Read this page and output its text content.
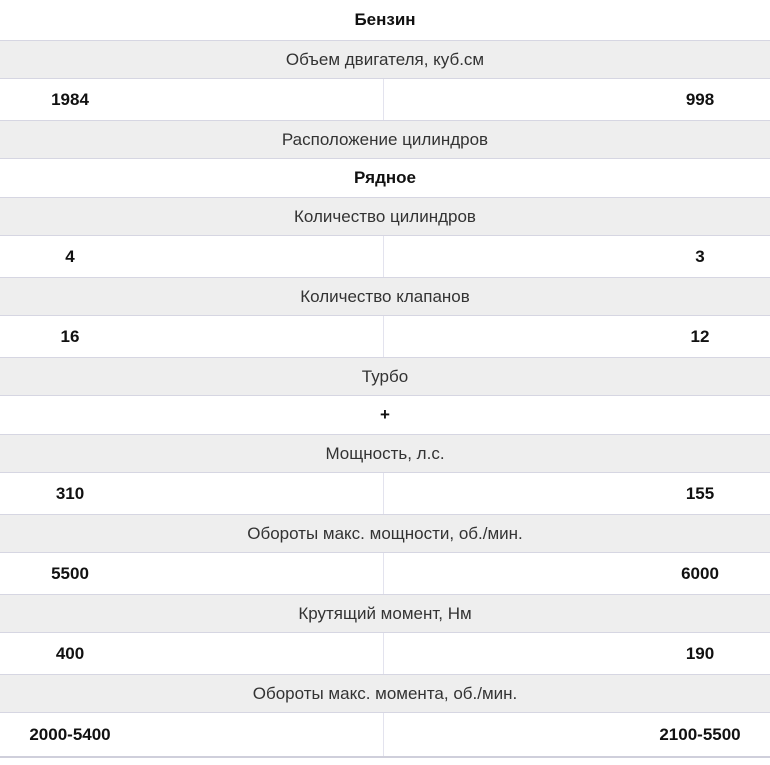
Бензин
Объем двигателя, куб.см
1984	998
Расположение цилиндров
Рядное
Количество цилиндров
4	3
Количество клапанов
16	12
Турбо
+
Мощность, л.с.
310	155
Обороты макс. мощности, об./мин.
5500	6000
Крутящий момент, Нм
400	190
Обороты макс. момента, об./мин.
2000-5400	2100-5500
